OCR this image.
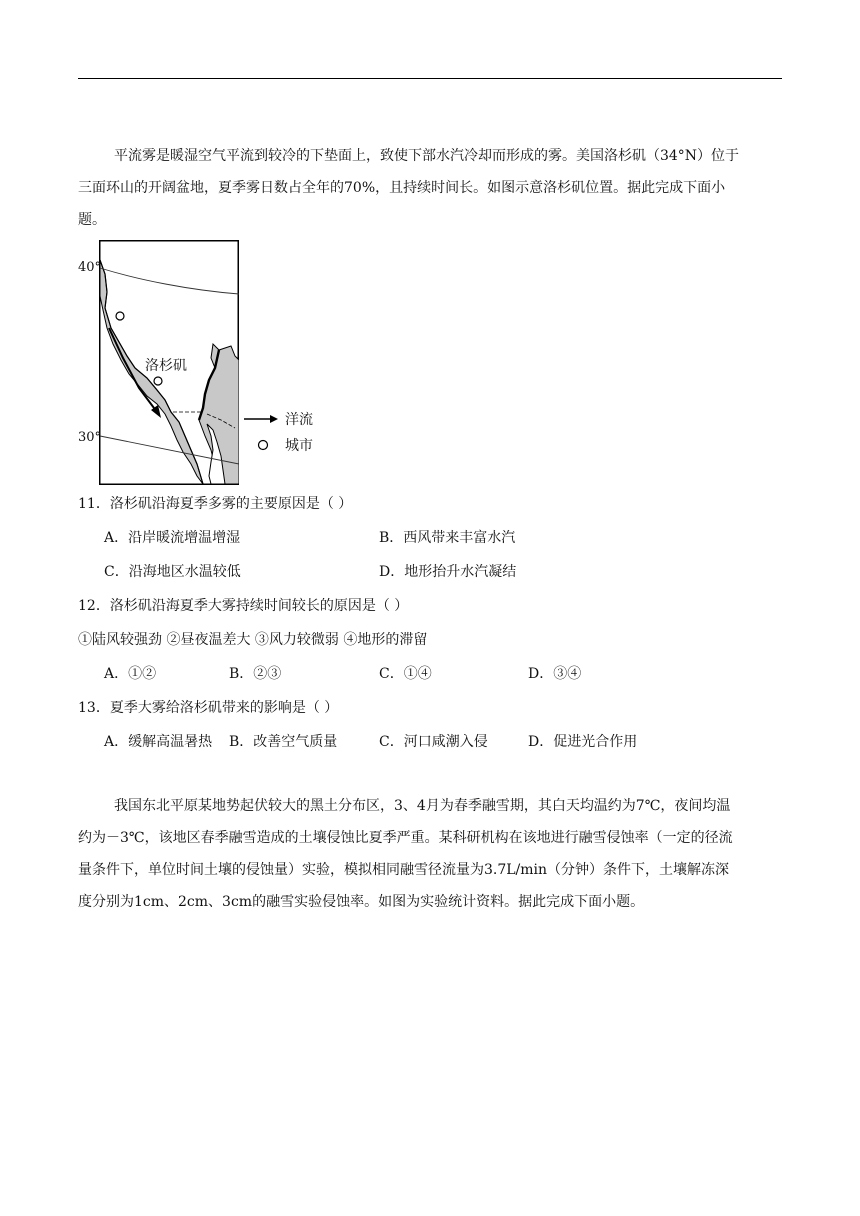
平流雾是暖湿空气平流到较冷的下垫面上，致使下部水汽冷却而形成的雾。美国洛杉矶（34°N）位于
三面环山的开阔盆地，夏季雾日数占全年的70%，且持续时间长。如图示意洛杉矶位置。据此完成下面小
题。
40°
30°
洛杉矶
洋流
城市
11．洛杉矶沿海夏季多雾的主要原因是（ ）
A．沿岸暖流增温增湿	B．西风带来丰富水汽
C．沿海地区水温较低	D．地形抬升水汽凝结
12．洛杉矶沿海夏季大雾持续时间较长的原因是（ ）
①陆风较强劲 ②昼夜温差大 ③风力较微弱 ④地形的滞留
A．①②	B．②③	C．①④	D．③④
13．夏季大雾给洛杉矶带来的影响是（ ）
A．缓解高温暑热 B．改善空气质量	C．河口咸潮入侵	D．促进光合作用
我国东北平原某地势起伏较大的黑土分布区，3、4月为春季融雪期，其白天均温约为7℃，夜间均温
约为－3℃，该地区春季融雪造成的土壤侵蚀比夏季严重。某科研机构在该地进行融雪侵蚀率（一定的径流
量条件下，单位时间土壤的侵蚀量）实验，模拟相同融雪径流量为3.7L/min（分钟）条件下，土壤解冻深
度分别为1cm、2cm、3cm的融雪实验侵蚀率。如图为实验统计资料。据此完成下面小题。
